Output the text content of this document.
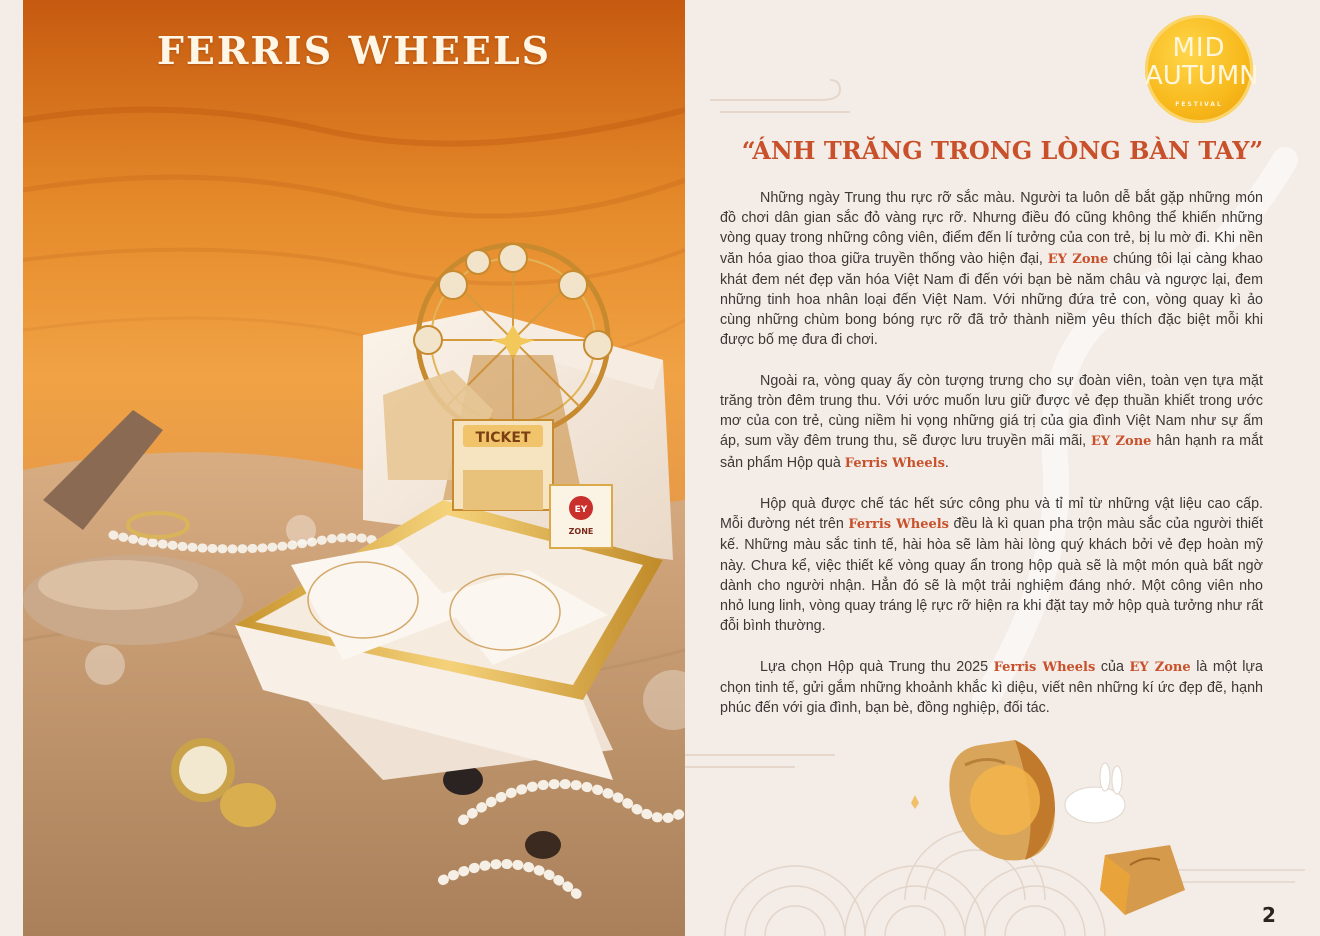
TICKET
EY
ZONE
FERRIS WHEELS	MID
AUTUMN
FESTIVAL
“ÁNH TRĂNG TRONG LÒNG BÀN TAY”

Những ngày Trung thu rực rỡ sắc màu. Người ta luôn dễ bắt gặp những món đồ chơi dân gian sắc đỏ vàng rực rỡ. Nhưng điều đó cũng không thể khiến những vòng quay trong những công viên, điểm đến lí tưởng của con trẻ, bị lu mờ đi. Khi nền văn hóa giao thoa giữa truyền thống vào hiện đại, EY Zone chúng tôi lại càng khao khát đem nét đẹp văn hóa Việt Nam đi đến với bạn bè năm châu và ngược lại, đem những tinh hoa nhân loại đến Việt Nam. Với những đứa trẻ con, vòng quay kì ảo cùng những chùm bong bóng rực rỡ đã trở thành niềm yêu thích đặc biệt mỗi khi được bố mẹ đưa đi chơi.

Ngoài ra, vòng quay ấy còn tượng trưng cho sự đoàn viên, toàn vẹn tựa mặt trăng tròn đêm trung thu. Với ước muốn lưu giữ được vẻ đẹp thuần khiết trong ước mơ của con trẻ, cùng niềm hi vọng những giá trị của gia đình Việt Nam như sự ấm áp, sum vầy đêm trung thu, sẽ được lưu truyền mãi mãi, EY Zone hân hạnh ra mắt sản phẩm Hộp quà Ferris Wheels.

Hộp quà được chế tác hết sức công phu và tỉ mỉ từ những vật liệu cao cấp. Mỗi đường nét trên Ferris Wheels đều là kì quan pha trộn màu sắc của người thiết kế. Những màu sắc tinh tế, hài hòa sẽ làm hài lòng quý khách bởi vẻ đẹp hoàn mỹ này. Chưa kể, việc thiết kế vòng quay ẩn trong hộp quà sẽ là một món quà bất ngờ dành cho người nhận. Hẳn đó sẽ là một trải nghiệm đáng nhớ. Một công viên nho nhỏ lung linh, vòng quay tráng lệ rực rỡ hiện ra khi đặt tay mở hộp quà tưởng như rất đỗi bình thường.

Lựa chọn Hộp quà Trung thu 2025 Ferris Wheels của EY Zone là một lựa chọn tinh tế, gửi gắm những khoảnh khắc kì diệu, viết nên những kí ức đẹp đẽ, hạnh phúc đến với gia đình, bạn bè, đồng nghiệp, đối tác.

2
